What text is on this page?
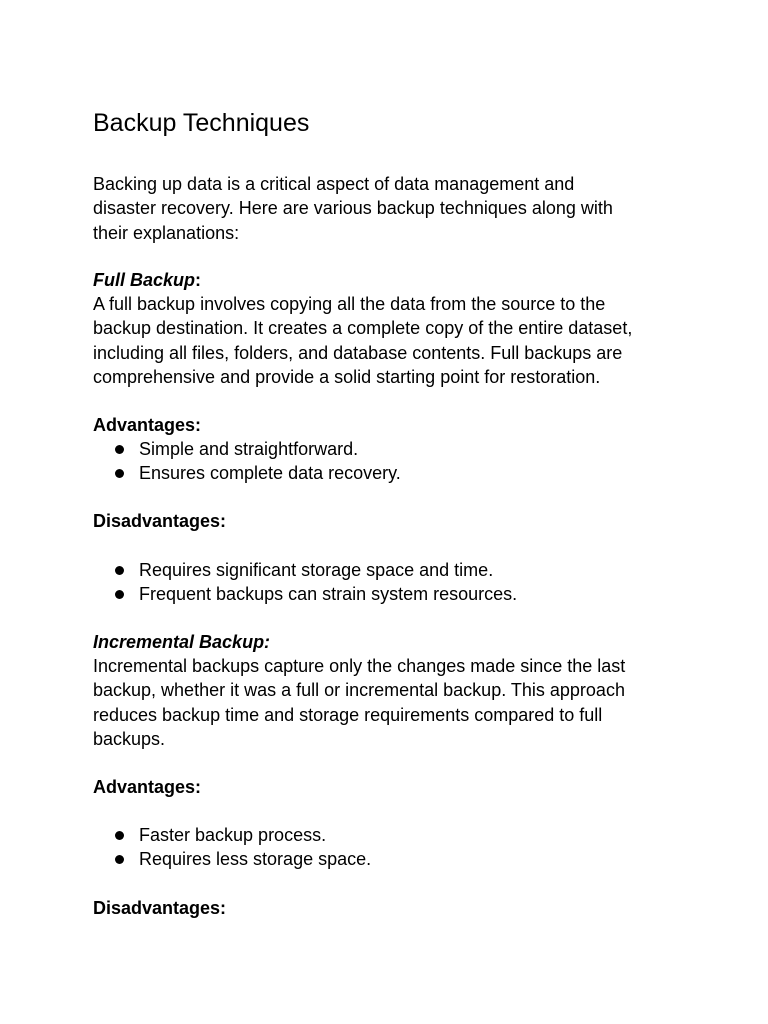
Backup Techniques

Backing up data is a critical aspect of data management and
disaster recovery. Here are various backup techniques along with
their explanations:

Full Backup:

A full backup involves copying all the data from the source to the
backup destination. It creates a complete copy of the entire dataset,
including all files, folders, and database contents. Full backups are
comprehensive and provide a solid starting point for restoration.

Advantages:

Simple and straightforward.
Ensures complete data recovery.

Disadvantages:

Requires significant storage space and time.
Frequent backups can strain system resources.

Incremental Backup:

Incremental backups capture only the changes made since the last
backup, whether it was a full or incremental backup. This approach
reduces backup time and storage requirements compared to full
backups.

Advantages:

Faster backup process.
Requires less storage space.

Disadvantages:
